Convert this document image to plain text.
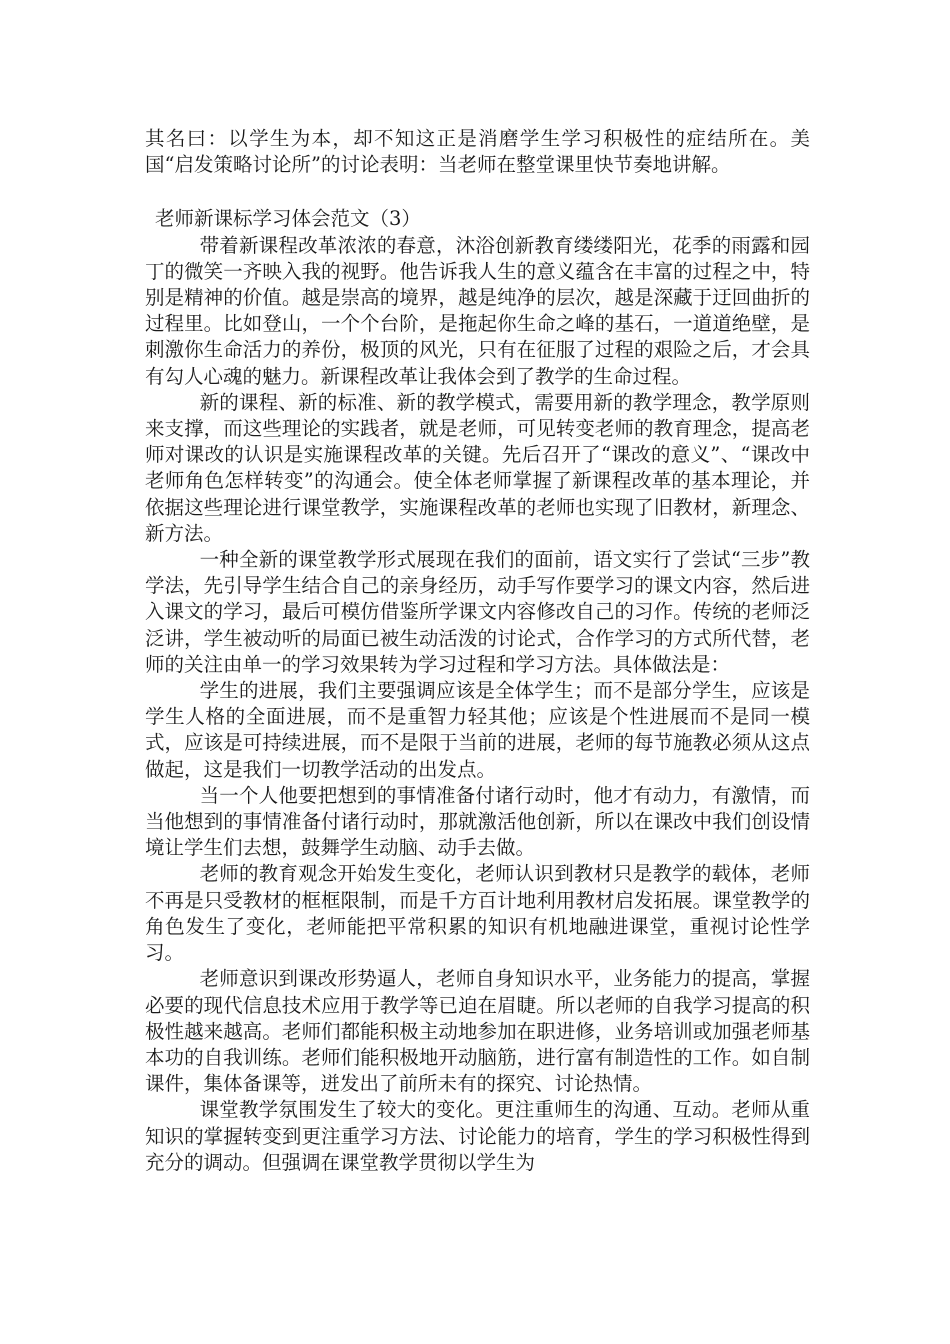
其名曰：以学生为本，却不知这正是消磨学生学习积极性的症结所在。美国“启发策略讨论所”的讨论表明：当老师在整堂课里快节奏地讲解。

老师新课标学习体会范文（3）

带着新课程改革浓浓的春意，沐浴创新教育缕缕阳光，花季的雨露和园丁的微笑一齐映入我的视野。他告诉我人生的意义蕴含在丰富的过程之中，特别是精神的价值。越是崇高的境界，越是纯净的层次，越是深藏于迂回曲折的过程里。比如登山，一个个台阶，是拖起你生命之峰的基石，一道道绝壁，是刺激你生命活力的养份，极顶的风光，只有在征服了过程的艰险之后，才会具有勾人心魂的魅力。新课程改革让我体会到了教学的生命过程。

新的课程、新的标准、新的教学模式，需要用新的教学理念，教学原则来支撑，而这些理论的实践者，就是老师，可见转变老师的教育理念，提高老师对课改的认识是实施课程改革的关键。先后召开了“课改的意义”、“课改中老师角色怎样转变”的沟通会。使全体老师掌握了新课程改革的基本理论，并依据这些理论进行课堂教学，实施课程改革的老师也实现了旧教材，新理念、新方法。

一种全新的课堂教学形式展现在我们的面前，语文实行了尝试“三步”教学法，先引导学生结合自己的亲身经历，动手写作要学习的课文内容，然后进入课文的学习，最后可模仿借鉴所学课文内容修改自己的习作。传统的老师泛泛讲，学生被动听的局面已被生动活泼的讨论式，合作学习的方式所代替，老师的关注由单一的学习效果转为学习过程和学习方法。具体做法是：

学生的进展，我们主要强调应该是全体学生；而不是部分学生，应该是学生人格的全面进展，而不是重智力轻其他；应该是个性进展而不是同一模式，应该是可持续进展，而不是限于当前的进展，老师的每节施教必须从这点做起，这是我们一切教学活动的出发点。

当一个人他要把想到的事情准备付诸行动时，他才有动力，有激情，而当他想到的事情准备付诸行动时，那就激活他创新，所以在课改中我们创设情境让学生们去想，鼓舞学生动脑、动手去做。

老师的教育观念开始发生变化，老师认识到教材只是教学的载体，老师不再是只受教材的框框限制，而是千方百计地利用教材启发拓展。课堂教学的角色发生了变化，老师能把平常积累的知识有机地融进课堂，重视讨论性学习。

老师意识到课改形势逼人，老师自身知识水平，业务能力的提高，掌握必要的现代信息技术应用于教学等已迫在眉睫。所以老师的自我学习提高的积极性越来越高。老师们都能积极主动地参加在职进修，业务培训或加强老师基本功的自我训练。老师们能积极地开动脑筋，进行富有制造性的工作。如自制课件，集体备课等，迸发出了前所未有的探究、讨论热情。

课堂教学氛围发生了较大的变化。更注重师生的沟通、互动。老师从重知识的掌握转变到更注重学习方法、讨论能力的培育，学生的学习积极性得到充分的调动。但强调在课堂教学贯彻以学生为
